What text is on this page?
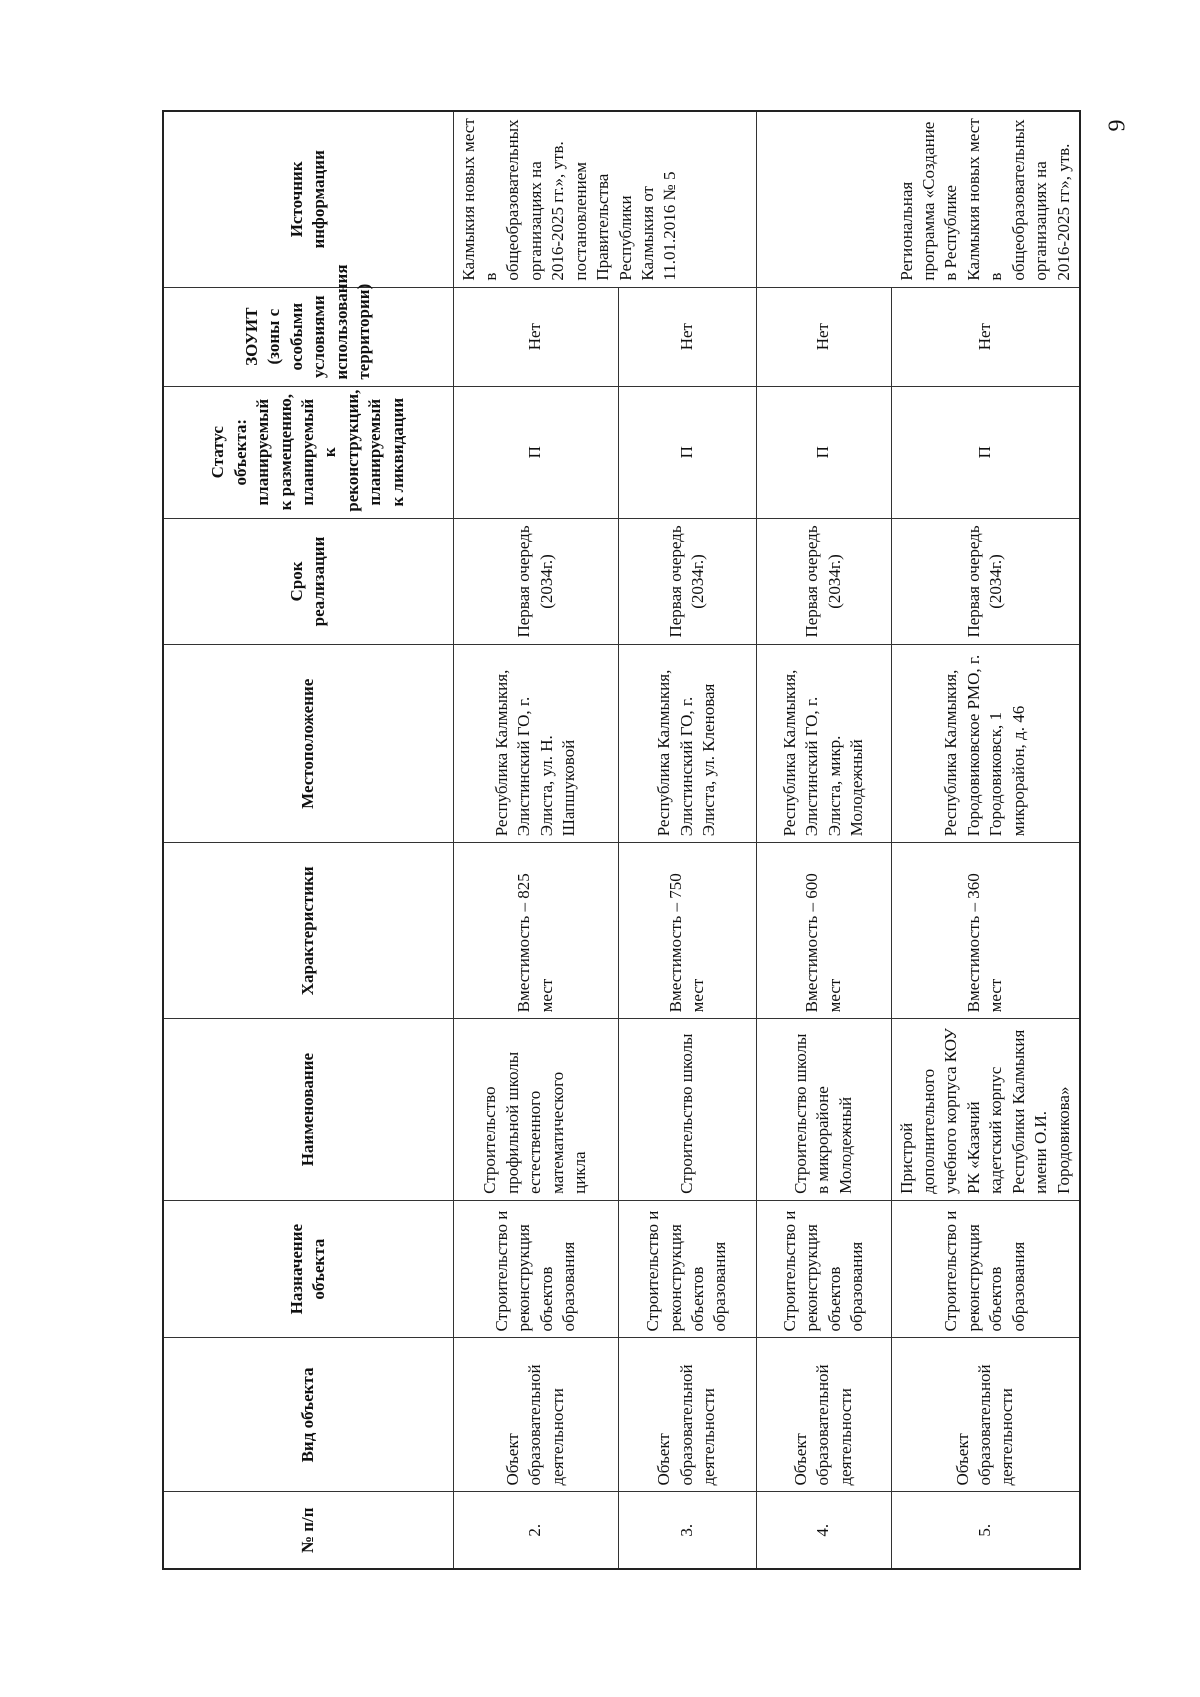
№ п/п	Вид объекта	Назначение объекта	Наименование	Характеристики	Местоположение	Срок реализации	Статус объекта: планируемый к размещению, планируемый к реконструкции, планируемый к ликвидации	ЗОУИТ (зоны с особыми условиями использования территории)	Источник информации
2.	Объект образовательной деятельности	Строительство и реконструкция объектов образования	Строительство профильной школы естественного математического цикла	Вместимость – 825 мест	Республика Калмыкия, Элистинский ГО, г. Элиста, ул. Н. Шапшуковой	Первая очередь (2034г.)	П	Нет	Калмыкия новых мест в общеобразовательных организациях на 2016-2025 гг.», утв. постановлением Правительства Республики Калмыкия от 11.01.2016 № 5
3.	Объект образовательной деятельности	Строительство и реконструкция объектов образования	Строительство школы	Вместимость – 750 мест	Республика Калмыкия, Элистинский ГО, г. Элиста, ул. Кленовая	Первая очередь (2034г.)	П	Нет	
4.	Объект образовательной деятельности	Строительство и реконструкция объектов образования	Строительство школы в микрорайоне Молодежный	Вместимость – 600 мест	Республика Калмыкия, Элистинский ГО, г. Элиста, микр. Молодежный	Первая очередь (2034г.)	П	Нет	Региональная программа «Создание в Республике Калмыкия новых мест в общеобразовательных организациях на 2016-2025 гг», утв.
5.	Объект образовательной деятельности	Строительство и реконструкция объектов образования	Пристрой дополнительного учебного корпуса КОУ РК «Казачий кадетский корпус Республики Калмыкия имени О.И. Городовикова»	Вместимость – 360 мест	Республика Калмыкия, Городовиковское РМО, г. Городовиковск, 1 микрорайон, д. 46	Первая очередь (2034г.)	П	Нет	
9
